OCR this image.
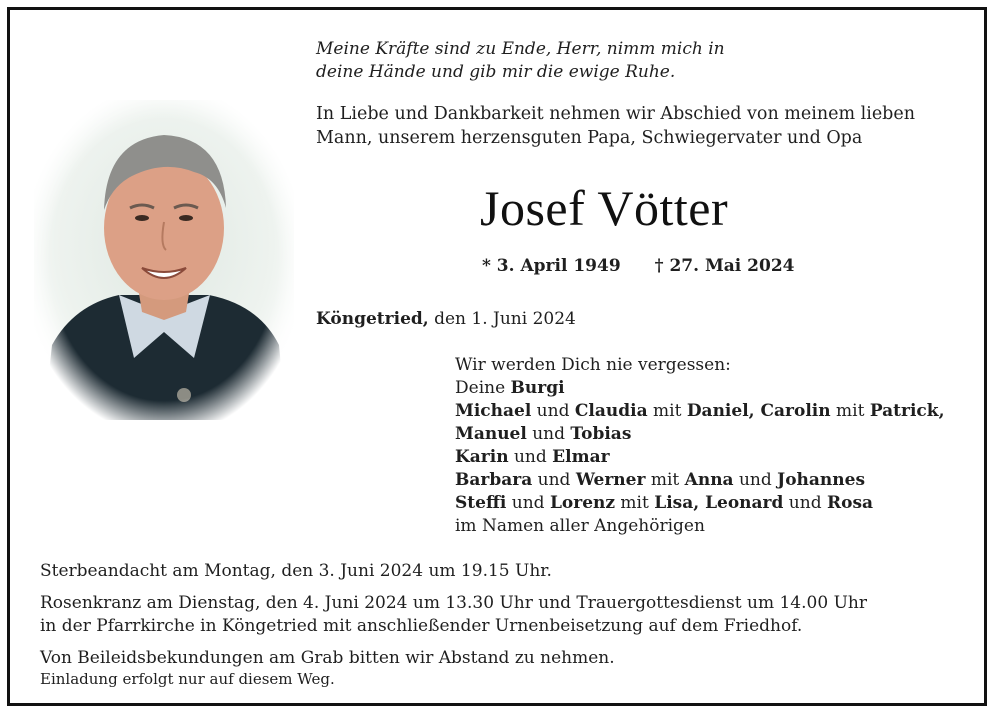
Meine Kräfte sind zu Ende, Herr, nimm mich in
deine Hände und gib mir die ewige Ruhe.
In Liebe und Dankbarkeit nehmen wir Abschied von meinem lieben
Mann, unserem herzensguten Papa, Schwiegervater und Opa
Josef Vötter
* 3. April 1949 † 27. Mai 2024
Köngetried, den 1. Juni 2024
Wir werden Dich nie vergessen:
Deine Burgi
Michael und Claudia mit Daniel, Carolin mit Patrick,
Manuel und Tobias
Karin und Elmar
Barbara und Werner mit Anna und Johannes
Steffi und Lorenz mit Lisa, Leonard und Rosa
im Namen aller Angehörigen

Sterbeandacht am Montag, den 3. Juni 2024 um 19.15 Uhr.

Rosenkranz am Dienstag, den 4. Juni 2024 um 13.30 Uhr und Trauergottesdienst um 14.00 Uhr
in der Pfarrkirche in Köngetried mit anschließender Urnenbeisetzung auf dem Friedhof.

Von Beileidsbekundungen am Grab bitten wir Abstand zu nehmen.

Einladung erfolgt nur auf diesem Weg.
